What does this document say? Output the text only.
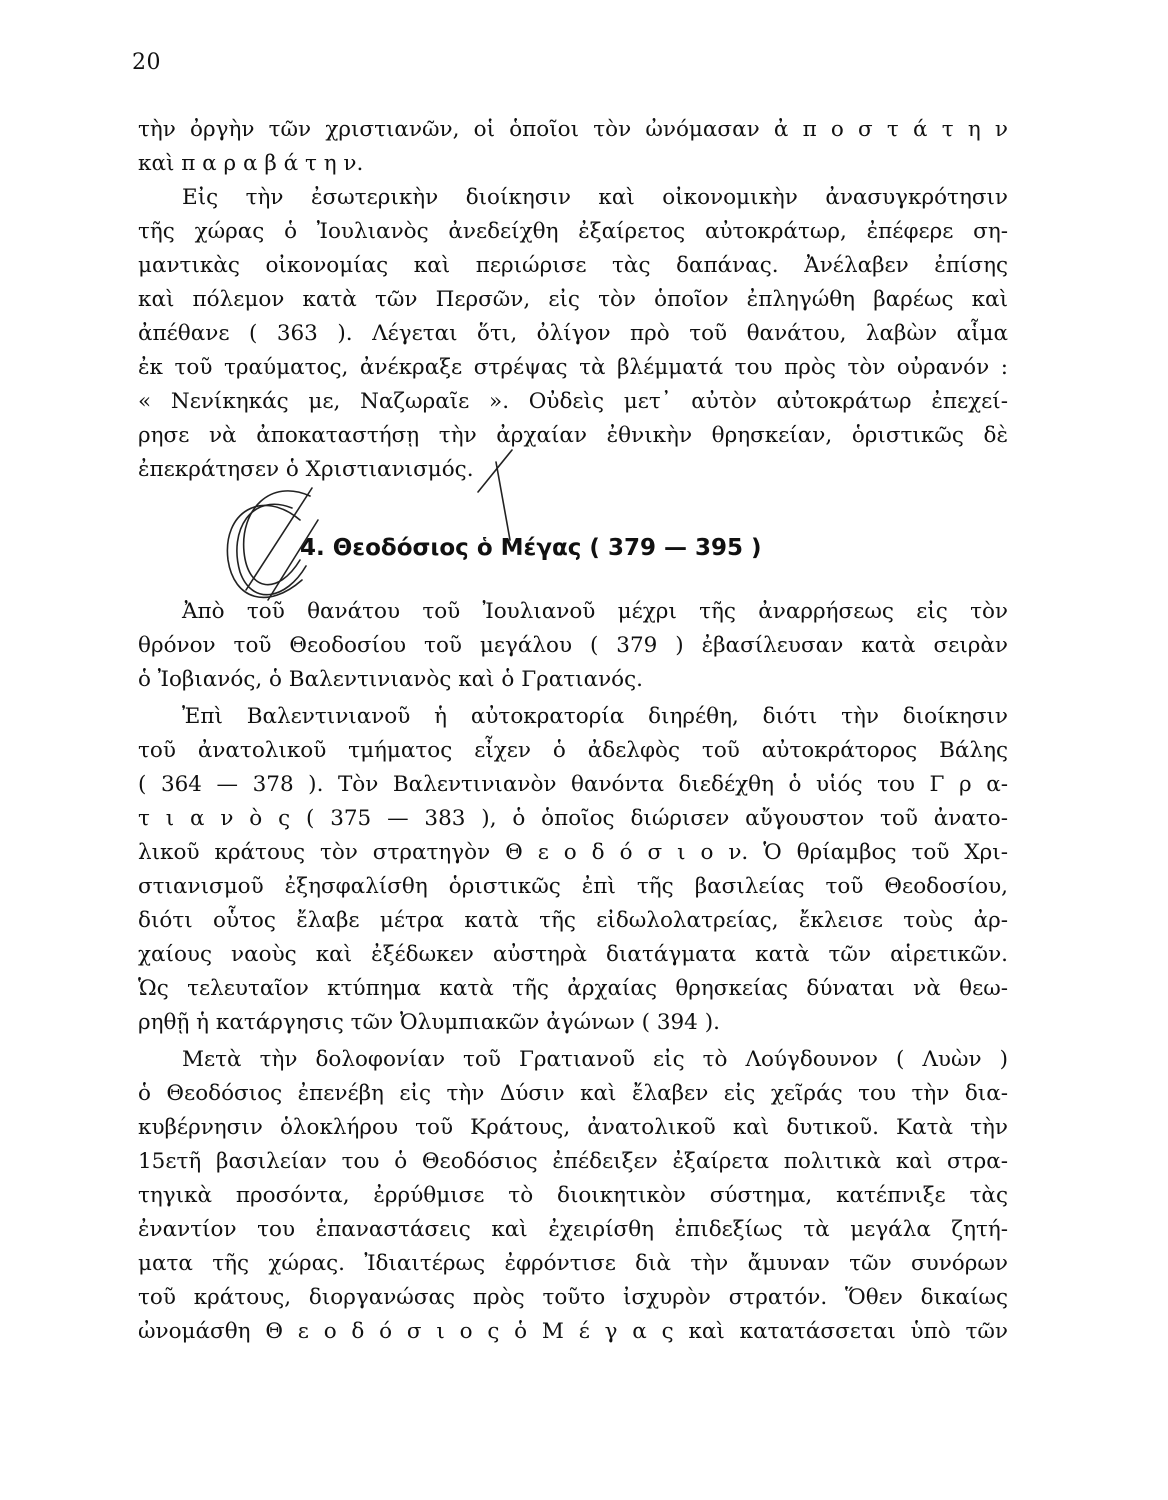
20
τὴν ὀργὴν τῶν χριστιανῶν, οἱ ὁποῖοι τὸν ὠνόμασαν ἀ π ο σ τ ά τ η ν
καὶ π α ρ α β ά τ η ν.
Εἰς τὴν ἐσωτερικὴν διοίκησιν καὶ οἰκονομικὴν ἀνασυγκρότησιν
τῆς χώρας ὁ Ἰουλιανὸς ἀνεδείχθη ἐξαίρετος αὐτοκράτωρ, ἐπέφερε ση-
μαντικὰς οἰκονομίας καὶ περιώρισε τὰς δαπάνας. Ἀνέλαβεν ἐπίσης
καὶ πόλεμον κατὰ τῶν Περσῶν, εἰς τὸν ὁποῖον ἐπληγώθη βαρέως καὶ
ἀπέθανε ( 363 ). Λέγεται ὅτι, ὀλίγον πρὸ τοῦ θανάτου, λαβὼν αἷμα
ἐκ τοῦ τραύματος, ἀνέκραξε στρέψας τὰ βλέμματά του πρὸς τὸν οὐρανόν :
« Νενίκηκάς με, Ναζωραῖε ». Οὐδεὶς μετ᾿ αὐτὸν αὐτοκράτωρ ἐπεχεί-
ρησε νὰ ἀποκαταστήσῃ τὴν ἀρχαίαν ἐθνικὴν θρησκείαν, ὁριστικῶς δὲ
ἐπεκράτησεν ὁ Χριστιανισμός.
4. Θεοδόσιος ὁ Μέγας ( 379 — 395 )
Ἀπὸ τοῦ θανάτου τοῦ Ἰουλιανοῦ μέχρι τῆς ἀναρρήσεως εἰς τὸν
θρόνον τοῦ Θεοδοσίου τοῦ μεγάλου ( 379 ) ἐβασίλευσαν κατὰ σειρὰν
ὁ Ἰοβιανός, ὁ Βαλεντινιανὸς καὶ ὁ Γρατιανός.
Ἐπὶ Βαλεντινιανοῦ ἡ αὐτοκρατορία διηρέθη, διότι τὴν διοίκησιν
τοῦ ἀνατολικοῦ τμήματος εἶχεν ὁ ἀδελφὸς τοῦ αὐτοκράτορος Βάλης
( 364 — 378 ). Τὸν Βαλεντινιανὸν θανόντα διεδέχθη ὁ υἱός του Γ ρ α-
τ ι α ν ὸ ς ( 375 — 383 ), ὁ ὁποῖος διώρισεν αὔγουστον τοῦ ἀνατο-
λικοῦ κράτους τὸν στρατηγὸν Θ ε ο δ ό σ ι ο ν. Ὁ θρίαμβος τοῦ Χρι-
στιανισμοῦ ἐξησφαλίσθη ὁριστικῶς ἐπὶ τῆς βασιλείας τοῦ Θεοδοσίου,
διότι οὗτος ἔλαβε μέτρα κατὰ τῆς εἰδωλολατρείας, ἔκλεισε τοὺς ἀρ-
χαίους ναοὺς καὶ ἐξέδωκεν αὐστηρὰ διατάγματα κατὰ τῶν αἱρετικῶν.
Ὡς τελευταῖον κτύπημα κατὰ τῆς ἀρχαίας θρησκείας δύναται νὰ θεω-
ρηθῇ ἡ κατάργησις τῶν Ὀλυμπιακῶν ἀγώνων ( 394 ).
Μετὰ τὴν δολοφονίαν τοῦ Γρατιανοῦ εἰς τὸ Λούγδουνον ( Λυὼν )
ὁ Θεοδόσιος ἐπενέβη εἰς τὴν Δύσιν καὶ ἔλαβεν εἰς χεῖράς του τὴν δια-
κυβέρνησιν ὁλοκλήρου τοῦ Κράτους, ἀνατολικοῦ καὶ δυτικοῦ. Κατὰ τὴν
15ετῆ βασιλείαν του ὁ Θεοδόσιος ἐπέδειξεν ἐξαίρετα πολιτικὰ καὶ στρα-
τηγικὰ προσόντα, ἐρρύθμισε τὸ διοικητικὸν σύστημα, κατέπνιξε τὰς
ἐναντίον του ἐπαναστάσεις καὶ ἐχειρίσθη ἐπιδεξίως τὰ μεγάλα ζητή-
ματα τῆς χώρας. Ἰδιαιτέρως ἐφρόντισε διὰ τὴν ἄμυναν τῶν συνόρων
τοῦ κράτους, διοργανώσας πρὸς τοῦτο ἰσχυρὸν στρατόν. Ὅθεν δικαίως
ὠνομάσθη Θ ε ο δ ό σ ι ο ς ὁ Μ έ γ α ς καὶ κατατάσσεται ὑπὸ τῶν
